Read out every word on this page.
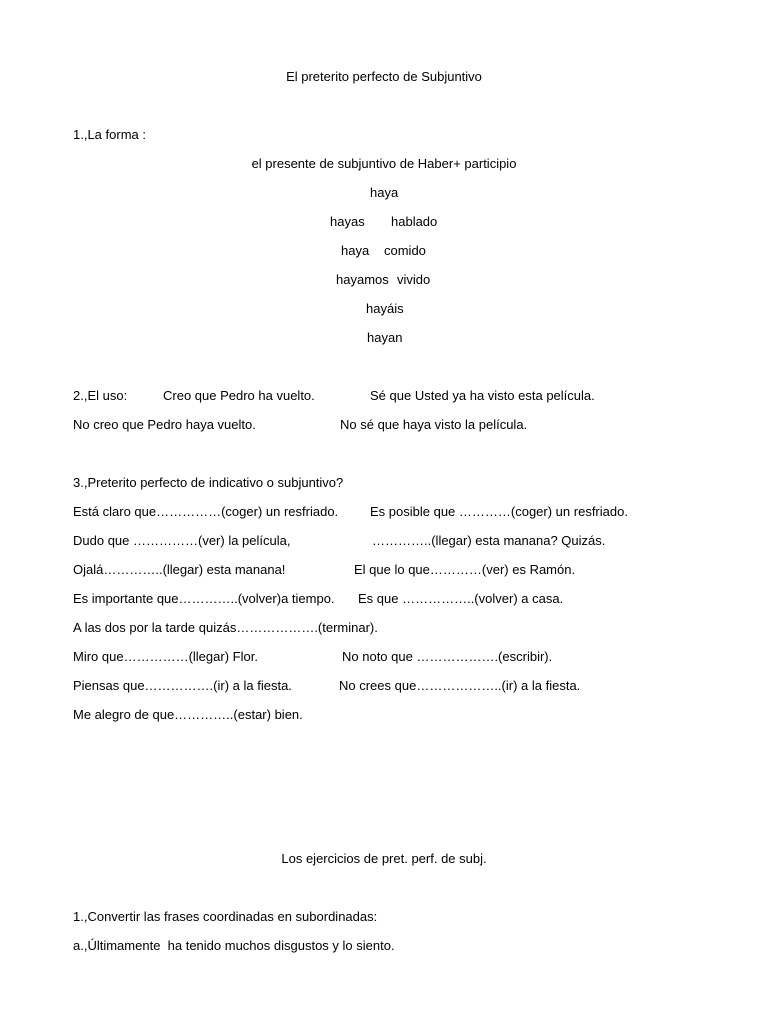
El preterito perfecto de Subjuntivo
1.,La forma :
el presente de subjuntivo de Haber+ participio
haya
hayas hablado
haya comido
hayamos vivido
hayáis
hayan
2.,El uso:	Creo que Pedro ha vuelto.	Sé que Usted ya ha visto esta película.
No creo que Pedro haya vuelto.	No sé que haya visto la película.
3.,Preterito perfecto de indicativo o subjuntivo?
Está claro que……………(coger) un resfriado. Es posible que …………(coger) un resfriado.
Dudo que ……………(ver) la película,	…………..(llegar) esta manana? Quizás.
Ojalá…………..(llegar) esta manana!	El que lo que…………(ver) es Ramón.
Es importante que…………..(volver)a tiempo. Es que ……………..(volver) a casa.
A las dos por la tarde quizás……………….(terminar).
Miro que……………(llegar) Flor.	No noto que ……………….(escribir).
Piensas que…………….(ir) a la fiesta.	No crees que………………..(ir) a la fiesta.
Me alegro de que…………..(estar) bien.
Los ejercicios de pret. perf. de subj.
1.,Convertir las frases coordinadas en subordinadas:
a.,Últimamente  ha tenido muchos disgustos y lo siento.
